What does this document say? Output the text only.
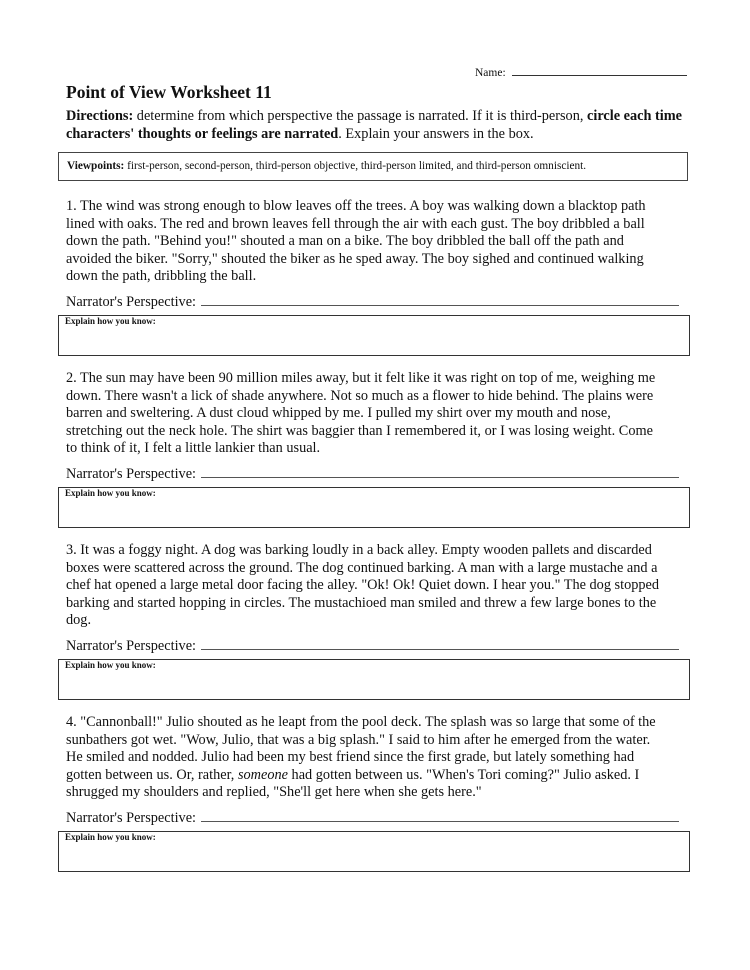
Name:
Point of View Worksheet 11
Directions: determine from which perspective the passage is narrated. If it is third-person, circle each time characters' thoughts or feelings are narrated. Explain your answers in the box.
Viewpoints: first-person, second-person, third-person objective, third-person limited, and third-person omniscient.
1. The wind was strong enough to blow leaves off the trees. A boy was walking down a blacktop path
lined with oaks. The red and brown leaves fell through the air with each gust. The boy dribbled a ball
down the path. "Behind you!" shouted a man on a bike. The boy dribbled the ball off the path and
avoided the biker. "Sorry," shouted the biker as he sped away. The boy sighed and continued walking
down the path, dribbling the ball.
Narrator's Perspective:
Explain how you know:
2. The sun may have been 90 million miles away, but it felt like it was right on top of me, weighing me
down. There wasn't a lick of shade anywhere. Not so much as a flower to hide behind. The plains were
barren and sweltering. A dust cloud whipped by me. I pulled my shirt over my mouth and nose,
stretching out the neck hole. The shirt was baggier than I remembered it, or I was losing weight. Come
to think of it, I felt a little lankier than usual.
Narrator's Perspective:
Explain how you know:
3. It was a foggy night. A dog was barking loudly in a back alley. Empty wooden pallets and discarded
boxes were scattered across the ground. The dog continued barking. A man with a large mustache and a
chef hat opened a large metal door facing the alley. "Ok! Ok! Quiet down. I hear you." The dog stopped
barking and started hopping in circles. The mustachioed man smiled and threw a few large bones to the
dog.
Narrator's Perspective:
Explain how you know:
4. "Cannonball!" Julio shouted as he leapt from the pool deck. The splash was so large that some of the
sunbathers got wet. "Wow, Julio, that was a big splash." I said to him after he emerged from the water.
He smiled and nodded. Julio had been my best friend since the first grade, but lately something had
gotten between us. Or, rather, someone had gotten between us. "When's Tori coming?" Julio asked. I
shrugged my shoulders and replied, "She'll get here when she gets here."
Narrator's Perspective:
Explain how you know:
